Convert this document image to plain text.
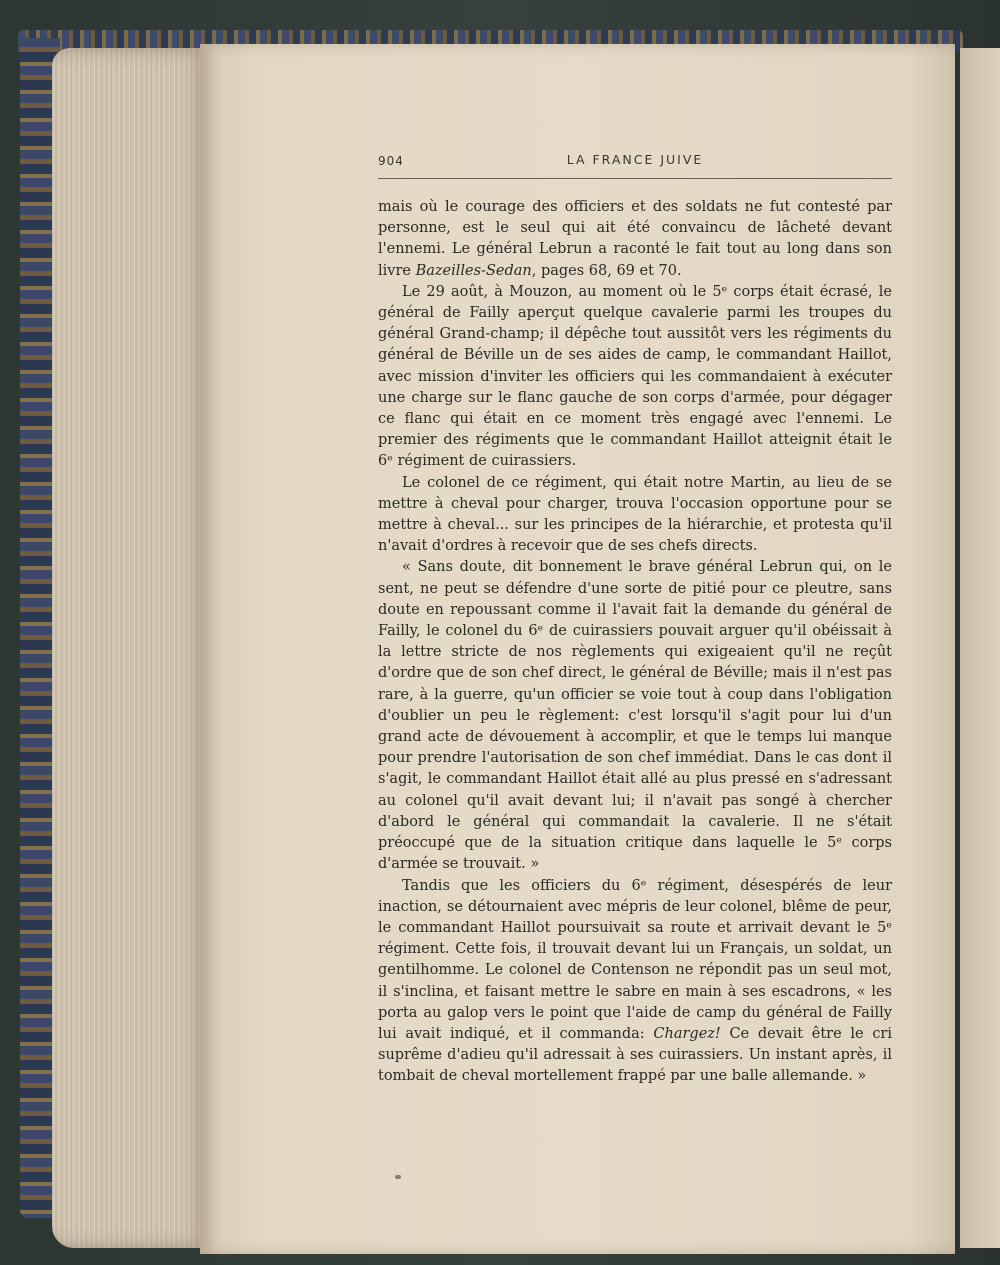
904	LA FRANCE JUIVE

mais où le courage des officiers et des soldats ne fut contesté par personne, est le seul qui ait été convaincu de lâcheté devant l'ennemi. Le général Lebrun a raconté le fait tout au long dans son livre Bazeilles-Sedan, pages 68, 69 et 70.

Le 29 août, à Mouzon, au moment où le 5ᵉ corps était écrasé, le général de Failly aperçut quelque cavalerie parmi les troupes du général Grand-champ; il dépêche tout aussitôt vers les régiments du général de Béville un de ses aides de camp, le commandant Haillot, avec mission d'inviter les officiers qui les commandaient à exécuter une charge sur le flanc gauche de son corps d'armée, pour dégager ce flanc qui était en ce moment très engagé avec l'ennemi. Le premier des régiments que le commandant Haillot atteignit était le 6ᵉ régiment de cuirassiers.

Le colonel de ce régiment, qui était notre Martin, au lieu de se mettre à cheval pour charger, trouva l'occasion opportune pour se mettre à cheval... sur les principes de la hiérarchie, et protesta qu'il n'avait d'ordres à recevoir que de ses chefs directs.

« Sans doute, dit bonnement le brave général Lebrun qui, on le sent, ne peut se défendre d'une sorte de pitié pour ce pleutre, sans doute en repoussant comme il l'avait fait la demande du général de Failly, le colonel du 6ᵉ de cuirassiers pouvait arguer qu'il obéissait à la lettre stricte de nos règlements qui exigeaient qu'il ne reçût d'ordre que de son chef direct, le général de Béville; mais il n'est pas rare, à la guerre, qu'un officier se voie tout à coup dans l'obligation d'oublier un peu le règlement: c'est lorsqu'il s'agit pour lui d'un grand acte de dévouement à accomplir, et que le temps lui manque pour prendre l'autorisation de son chef immédiat. Dans le cas dont il s'agit, le commandant Haillot était allé au plus pressé en s'adressant au colonel qu'il avait devant lui; il n'avait pas songé à chercher d'abord le général qui commandait la cavalerie. Il ne s'était préoccupé que de la situation critique dans laquelle le 5ᵉ corps d'armée se trouvait. »

Tandis que les officiers du 6ᵉ régiment, désespérés de leur inaction, se détournaient avec mépris de leur colonel, blême de peur, le commandant Haillot poursuivait sa route et arrivait devant le 5ᵉ régiment. Cette fois, il trouvait devant lui un Français, un soldat, un gentilhomme. Le colonel de Contenson ne répondit pas un seul mot, il s'inclina, et faisant mettre le sabre en main à ses escadrons, « les porta au galop vers le point que l'aide de camp du général de Failly lui avait indiqué, et il commanda: Chargez! Ce devait être le cri suprême d'adieu qu'il adressait à ses cuirassiers. Un instant après, il tombait de cheval mortellement frappé par une balle allemande. »
